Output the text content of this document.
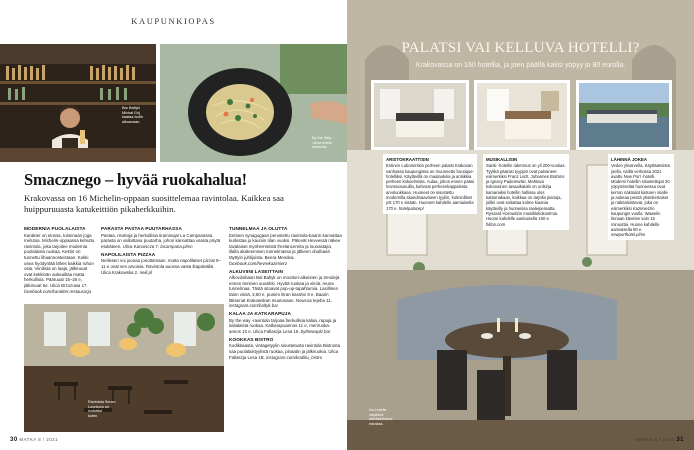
KAUPUNKIOPAS
Bar Baltyki
Michał Gój
kaataa isolle
alkoavaan.
By the Way
-olisa mutta
hakemia.
Smacznego – hyvää ruokahalua!
Krakovassa on 16 Michelin-oppaan suosittelemaa ravintolaa. Kaikkea saa huippuruuasta katukeittiön pikaherkkuihin.
MODERNIA PUOLALAISTA

Karakter on elossa, toiminaan joga melutoa. Michelin-oppaassa kehuttu ravintola, joka tarjoilee modernia puolalaista ruokaa. Keittiö on tunnettu lihaannosteistaan. Kokki usea hyödyntää lähes kaikkia ruhon osia. Viinilista on laaja, jälkiruuat ovat kekkinän aukeailtaa matta herkullisia. Pääruuat 15–20 e, jälkiruuat 6e. Ulica Brzozowa 17. facebook.com/karakter.restauracja

PARASTA PASTAA PUUTARHASSA

Pastaa, risottoja ja herkullisia tiramisuja! La Campanassa parasta on valloittava puutarha, johon kannattaa varata pöytä etukäteen. Ulica Kanonicza 7. lacampana.pl/en

NAPOLILAISTA PIZZAA

Neilissen voi juonaa jonottamaan, mutta napolilaiset pizzat 9–11 e ovat sen arvoisia. Ravintola auossa vasta iltapäivällä. Ulica Krakowska 2. neili.pl

Ravintola Senso
Luontoon on
ruokailut
kuten.
TUNNELMAA JA OLUTTA

Entinen synagogaan perustettu ravintola-baarin kannattaa kurkistaa jo kauniin tilan vuoksi. Pätevät Hevvessä näkee tavalaiset myöhemmistä freelancereita ja lounastajia, illalla akateemisen tunnelmassa ja jälkeen ohulbaari täyttyin juhlijoista. Beera Mendea. facebook.com/hevrekazimierz

ALKUVIINI LASEITTAIN

Alkoviinibaari Bal Baltyk on moottori-alkeisten ja trendejä ennen tieninen suosikki. Hyvää ruokaa ja viiniä, reuna tunnelmaa. Tästä sitoavat pop-up-tapahtumia. Lasillinen talon viiniä, 3,50 e, punien litran karahvi 8 e. Baarin läksenat Krakowskan muutosaan. Nowcoa tejeba 11. instagram.com/baltyk.bar

KALAA JA KATKARAPUJA

By the way -ravintola tarjoaa herkullisia kalaa, rapuja ja italialaista ruokaa. Katkarapuannos 11 e, meriruoka-annos 10 e. Ulica Fallaszja Lesa 16. bythewaykr.bar

KOOKKAS BISTRO

Kodikkaasta, vintagetyylin sisustetusta ravintola Bistrosta saa puolalaistyylistä ruokaa, pinaatin ja jälkiruokia. Ulica Fallaszja Lesa 1B. instagram.com/kodiku_bistro

30 MATKA 8 / 2021
ARISTOKRAATTISIN
Entinen Lubomirskin perheen palatsi Krakovan vanhassa kaupungissa on muunnettu boutique-hotelliksi. Käytävillä on maalauksia ja antiikkia perheen kokoelmista. Aulaa, johon ennen pääsi hevosvaunuilla, kahvoat perheenkappalesta arvoluokkaan. Huoneet on sisustettu modernilla skandinaaviseen tyyliin, kolmiolliset yöt 170 e sisään. Huoneet kahdelle aamiaisella 170 e. hotelpalacepl
MUSIKALLISIN
Sanki -hotellin rakennus on yli 200-vuotias. Tyylikä päärasi tyyppin ovat palvaneet esimerkiksi Franz Liszt, Johannes Brahms ja Ignacy Paderewski. Mahtava kokonainen tavaaikatalo on unikirja kamaraiksi hotellin hallissa ulos kattomakaan, kaikkaa on tarjolla pianoja, joillei ovat soitattaa kolme kiaania käytävilly ja huoneissa raaleiperaatta. Ryszard Horowitzin musiikkikokoelmia. Huone kahdelle aamiaisella 150 e. hilton.com
LÄHINNÄ JOKEA
Veden ylivarvella, Käyttäänsistä joella, näiltä verkossa 2021 avattu New Port -hotelli. Moderni hotellin sisustettujat 20 yöpymiselää huoneessa ovat kerran näköalat katsoen osalle ja aukeaa pientä yksinkertaiset ja näköaloistavat, joka on esimerkiksi Kazimierzin kaupungin vuolla. Wawelin linnaan kävelee vain 15 minuuttia. Huone kahdelle aamiaisella 80 e. newporthotel.pl/en
Ivo-hotelin
näyttävä
aamiaishuone
edustaa.
MATKA 8 / 2021 31
PALATSI VAI KELLUVA HOTELLI?
Krakovassa on 160 hotellia, ja joen päällä kaksi yöpyy jo 80 eurolla.
